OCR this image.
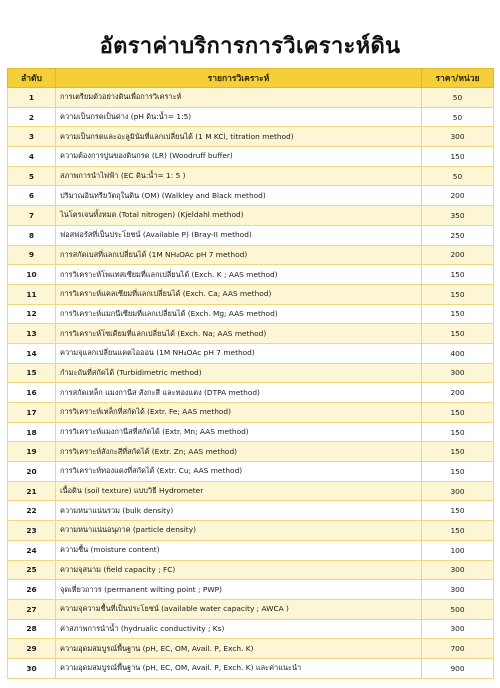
อัตราค่าบริการการวิเคราะห์ดิน
ลำดับ	รายการวิเคราะห์	ราคา/หน่วย
1	การเตรียมตัวอย่างดินเพื่อการวิเคราะห์	50
2	ความเป็นกรดเป็นด่าง (pH ดิน:น้ำ= 1:5)	50
3	ความเป็นกรดและอะลูมินัมที่แลกเปลี่ยนได้ (1 M KCl, titration method)	300
4	ความต้องการปูนของดินกรด (LR) (Woodruff buffer)	150
5	สภาพการนำไฟฟ้า (EC ดิน:น้ำ= 1: 5 )	50
6	ปริมาณอินทรียวัตถุในดิน (OM) (Walkley and Black method)	200
7	ไนโตรเจนทั้งหมด (Total nitrogen) (Kjeldahl method)	350
8	ฟอสฟอรัสที่เป็นประโยชน์ (Available P) (Bray-II method)	250
9	การสกัดเบสที่แลกเปลี่ยนได้ (1M NH₄OAc pH 7 method)	200
10	การวิเคราะห์โพแทสเซียมที่แลกเปลี่ยนได้ (Exch. K ; AAS method)	150
11	การวิเคราะห์แคลเซียมที่แลกเปลี่ยนได้ (Exch. Ca; AAS method)	150
12	การวิเคราะห์แมกนีเซียมที่แลกเปลี่ยนได้ (Exch. Mg; AAS method)	150
13	การวิเคราะห์โซเดียมที่แลกเปลี่ยนได้ (Exch. Na; AAS method)	150
14	ความจุแลกเปลี่ยนแคตไอออน (1M NH₄OAc pH 7 method)	400
15	กำมะถันที่สกัดได้ (Turbidimetric method)	300
16	การสกัดเหล็ก แมงกานีส สังกะสี และทองแดง (DTPA method)	200
17	การวิเคราะห์เหล็กที่สกัดได้ (Extr. Fe; AAS method)	150
18	การวิเคราะห์แมงกานีสที่สกัดได้ (Extr. Mn; AAS method)	150
19	การวิเคราะห์สังกะสีที่สกัดได้ (Extr. Zn; AAS method)	150
20	การวิเคราะห์ทองแดงที่สกัดได้ (Extr. Cu; AAS method)	150
21	เนื้อดิน (soil texture) แบบวิธี Hydrometer	300
22	ความหนาแน่นรวม (bulk density)	150
23	ความหนาแน่นอนุภาค (particle density)	150
24	ความชื้น (moisture content)	100
25	ความจุสนาม (field capacity ; FC)	300
26	จุดเหี่ยวถาวร (permanent wilting point ; PWP)	300
27	ความจุความชื้นที่เป็นประโยชน์ (available water capacity ; AWCA )	500
28	ค่าสภาพการนำน้ำ (hydrualic conductivity ; Ks)	300
29	ความอุดมสมบูรณ์พื้นฐาน (pH, EC, OM, Avail. P, Exch. K)	700
30	ความอุดมสมบูรณ์พื้นฐาน (pH, EC, OM, Avail. P, Exch. K) และค่าแนะนำ	900
